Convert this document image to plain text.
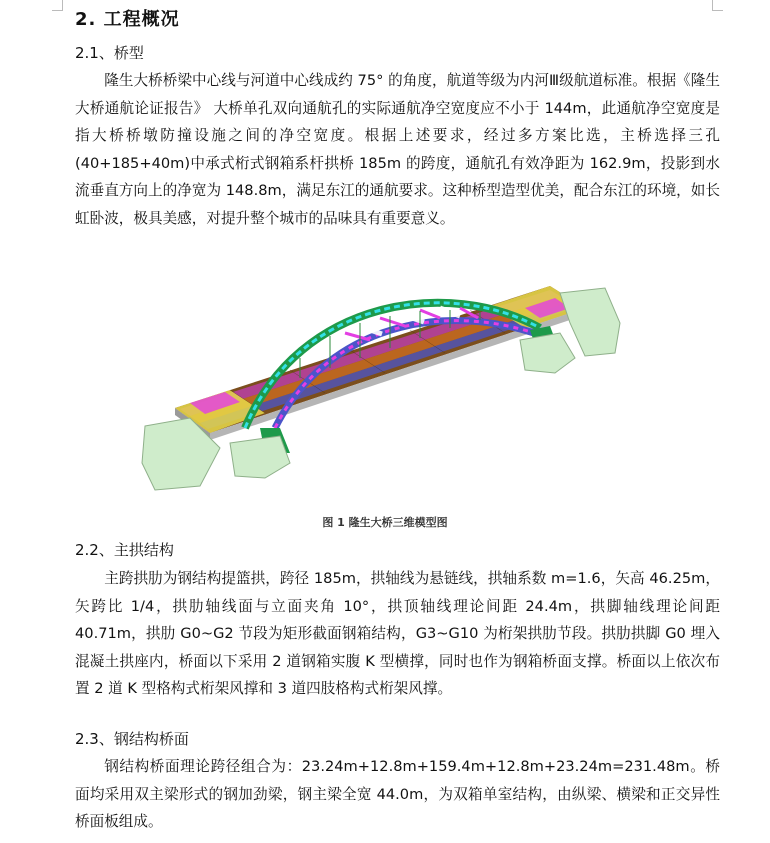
2. 工程概况
2.1、桥型

隆生大桥桥梁中心线与河道中心线成约 75° 的角度，航道等级为内河Ⅲ级航道标准。根据《隆生大桥通航论证报告》 大桥单孔双向通航孔的实际通航净空宽度应不小于 144m，此通航净空宽度是指大桥桥墩防撞设施之间的净空宽度。根据上述要求，经过多方案比选，主桥选择三孔(40+185+40m)中承式桁式钢箱系杆拱桥 185m 的跨度，通航孔有效净距为 162.9m，投影到水流垂直方向上的净宽为 148.8m，满足东江的通航要求。这种桥型造型优美，配合东江的环境，如长虹卧波，极具美感，对提升整个城市的品味具有重要意义。

图 1 隆生大桥三维模型图
2.2、主拱结构

主跨拱肋为钢结构提篮拱，跨径 185m，拱轴线为悬链线，拱轴系数 m=1.6，矢高 46.25m，矢跨比 1/4，拱肋轴线面与立面夹角 10°，拱顶轴线理论间距 24.4m，拱脚轴线理论间距 40.71m，拱肋 G0~G2 节段为矩形截面钢箱结构，G3~G10 为桁架拱肋节段。拱肋拱脚 G0 埋入混凝土拱座内，桥面以下采用 2 道钢箱实腹 K 型横撑，同时也作为钢箱桥面支撑。桥面以上依次布置 2 道 K 型格构式桁架风撑和 3 道四肢格构式桁架风撑。

2.3、钢结构桥面

钢结构桥面理论跨径组合为：23.24m+12.8m+159.4m+12.8m+23.24m=231.48m。桥面均采用双主梁形式的钢加劲梁，钢主梁全宽 44.0m，为双箱单室结构，由纵梁、横梁和正交异性桥面板组成。
